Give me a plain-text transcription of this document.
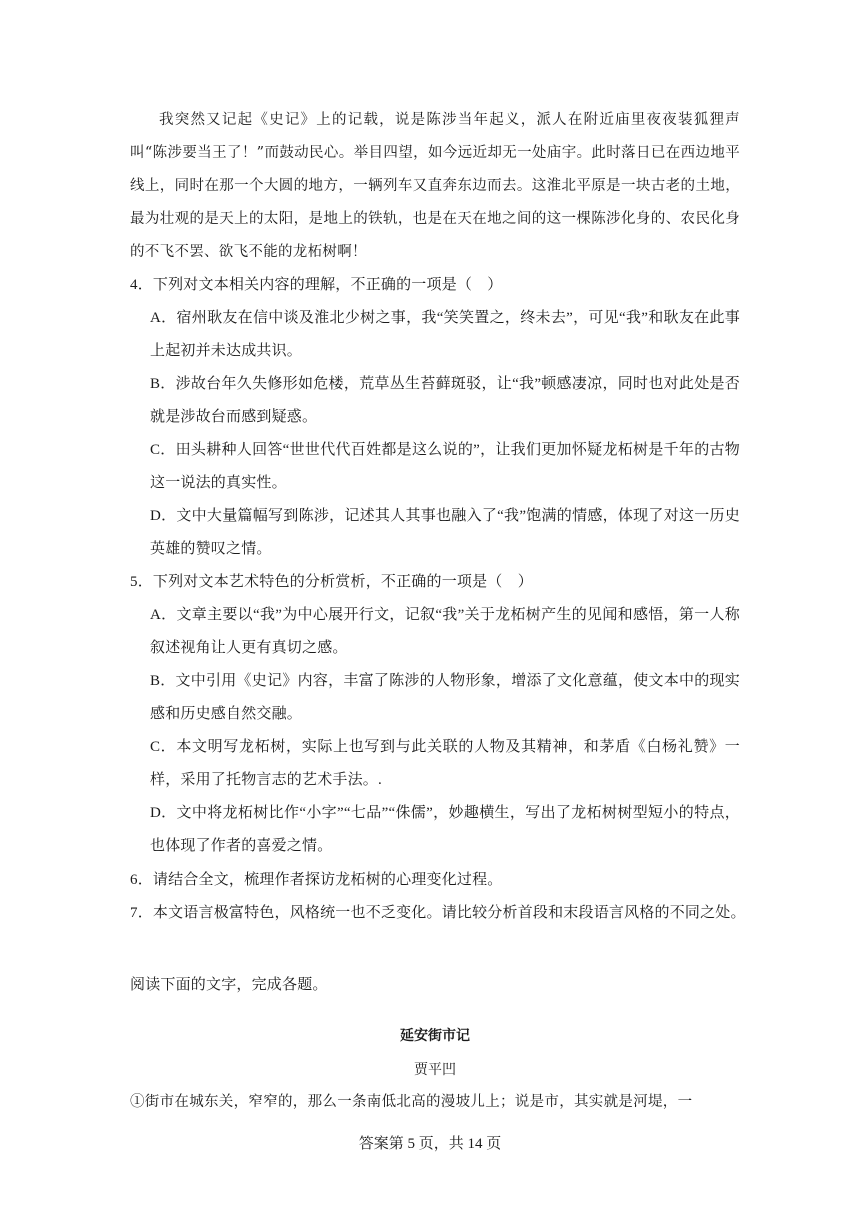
我突然又记起《史记》上的记载，说是陈涉当年起义，派人在附近庙里夜夜装狐狸声叫“陈涉要当王了！”而鼓动民心。举目四望，如今远近却无一处庙宇。此时落日已在西边地平线上，同时在那一个大圆的地方，一辆列车又直奔东边而去。这淮北平原是一块古老的土地，最为壮观的是天上的太阳，是地上的铁轨，也是在天在地之间的这一棵陈涉化身的、农民化身的不飞不罢、欲飞不能的龙柘树啊！

4．下列对文本相关内容的理解，不正确的一项是（　）

A．宿州耿友在信中谈及淮北少树之事，我“笑笑置之，终未去”，可见“我”和耿友在此事上起初并未达成共识。

B．涉故台年久失修形如危楼，荒草丛生苔藓斑驳，让“我”顿感凄凉，同时也对此处是否就是涉故台而感到疑惑。

C．田头耕种人回答“世世代代百姓都是这么说的”，让我们更加怀疑龙柘树是千年的古物这一说法的真实性。

D．文中大量篇幅写到陈涉，记述其人其事也融入了“我”饱满的情感，体现了对这一历史英雄的赞叹之情。

5．下列对文本艺术特色的分析赏析，不正确的一项是（　）

A．文章主要以“我”为中心展开行文，记叙“我”关于龙柘树产生的见闻和感悟，第一人称叙述视角让人更有真切之感。

B．文中引用《史记》内容，丰富了陈涉的人物形象，增添了文化意蕴，使文本中的现实感和历史感自然交融。

C．本文明写龙柘树，实际上也写到与此关联的人物及其精神，和茅盾《白杨礼赞》一样，采用了托物言志的艺术手法。.

D．文中将龙柘树比作“小字”“七品”“侏儒”，妙趣横生，写出了龙柘树树型短小的特点，也体现了作者的喜爱之情。

6．请结合全文，梳理作者探访龙柘树的心理变化过程。

7．本文语言极富特色，风格统一也不乏变化。请比较分析首段和末段语言风格的不同之处。

阅读下面的文字，完成各题。

延安街市记
贾平凹

①街市在城东关，窄窄的，那么一条南低北高的漫坡儿上；说是市，其实就是河堤，一

答案第 5 页，共 14 页
